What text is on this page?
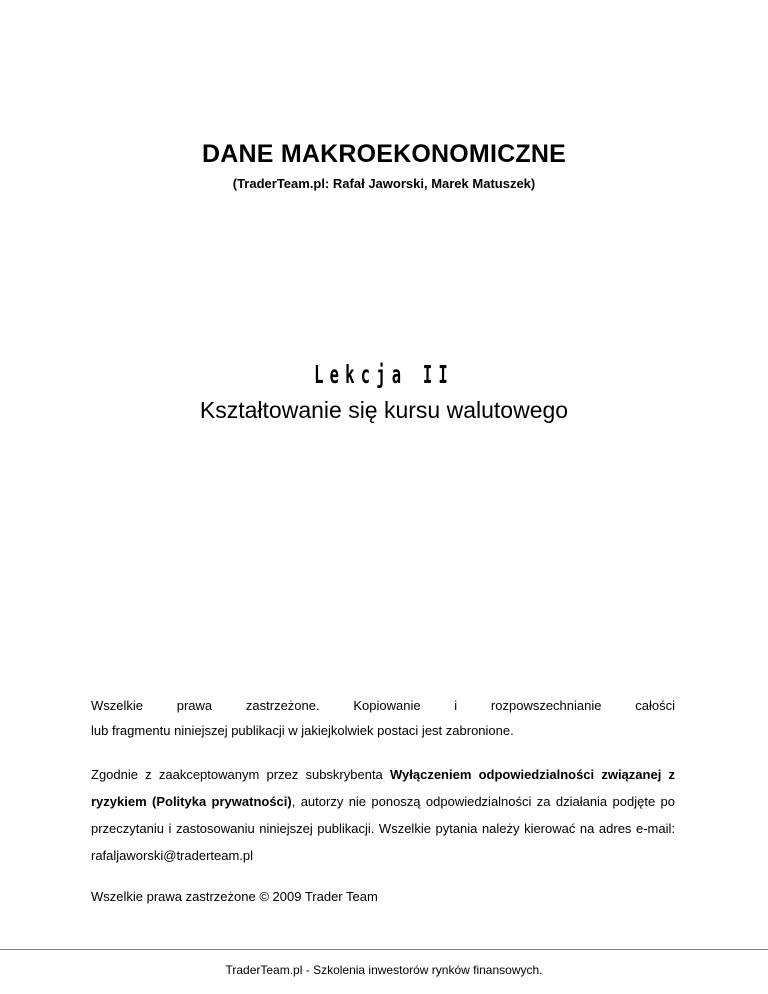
DANE MAKROEKONOMICZNE
(TraderTeam.pl: Rafał Jaworski, Marek Matuszek)
Lekcja II
Kształtowanie się kursu walutowego
Wszelkie	prawa	zastrzeżone.	Kopiowanie	i	rozpowszechnianie	całości
lub fragmentu niniejszej publikacji w jakiejkolwiek postaci jest zabronione.
Zgodnie z zaakceptowanym przez subskrybenta Wyłączeniem odpowiedzialności związanej z ryzykiem (Polityka prywatności), autorzy nie ponoszą odpowiedzialności za działania podjęte po przeczytaniu i zastosowaniu niniejszej publikacji. Wszelkie pytania należy kierować na adres e-mail: rafaljaworski@traderteam.pl
Wszelkie prawa zastrzeżone © 2009 Trader Team
TraderTeam.pl - Szkolenia inwestorów rynków finansowych.
